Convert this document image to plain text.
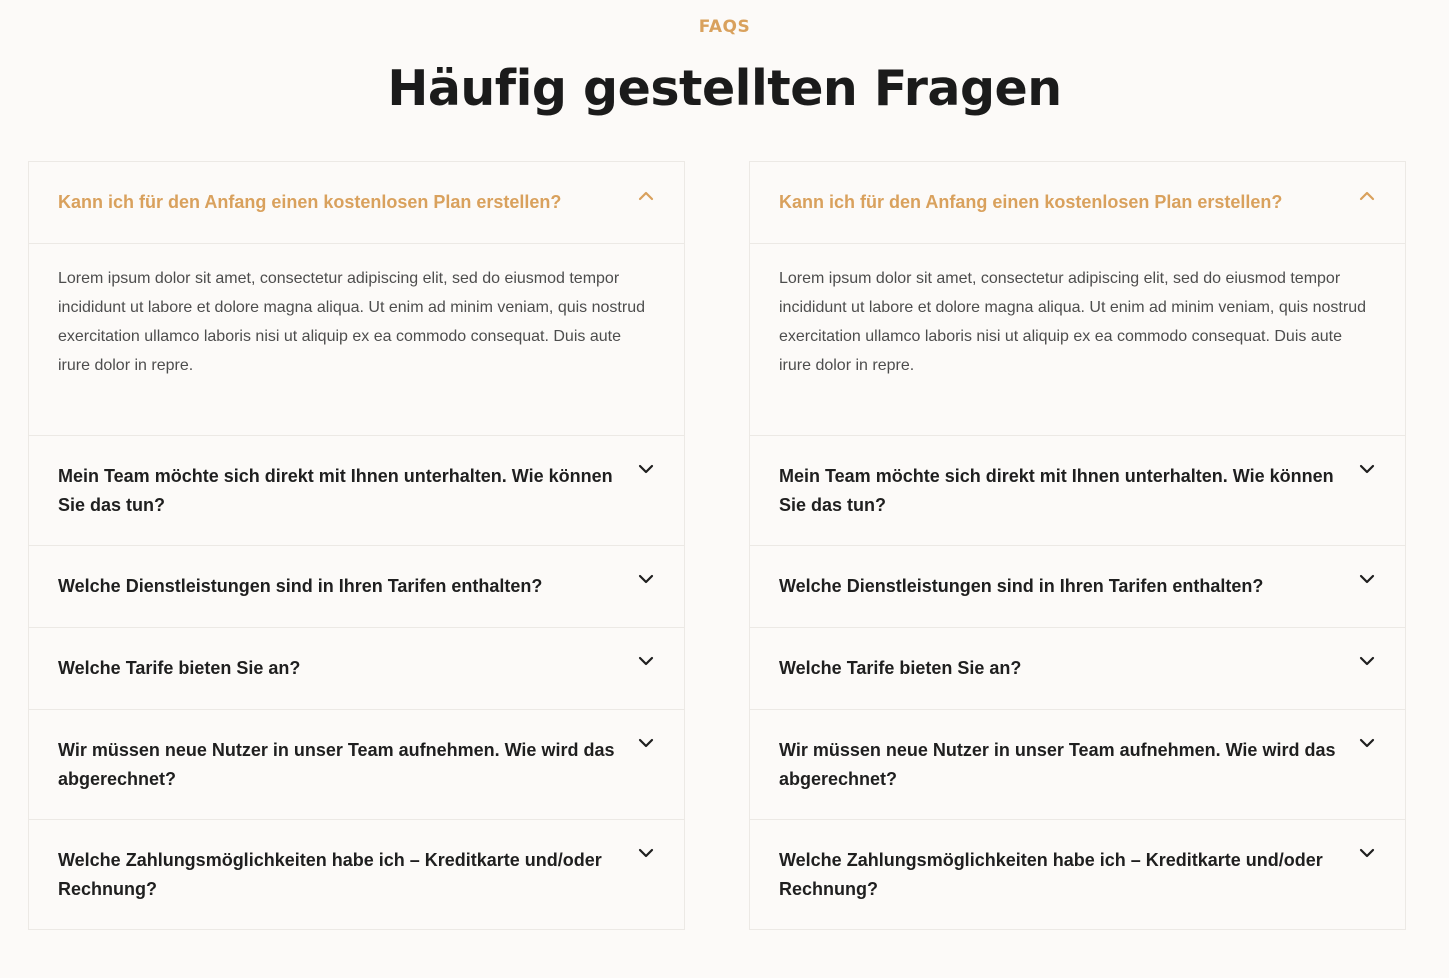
FAQS
Häufig gestellten Fragen
Kann ich für den Anfang einen kostenlosen Plan erstellen?
Lorem ipsum dolor sit amet, consectetur adipiscing elit, sed do eiusmod tempor incididunt ut labore et dolore magna aliqua. Ut enim ad minim veniam, quis nostrud exercitation ullamco laboris nisi ut aliquip ex ea commodo consequat. Duis aute irure dolor in repre.
Mein Team möchte sich direkt mit Ihnen unterhalten. Wie können Sie das tun?
Welche Dienstleistungen sind in Ihren Tarifen enthalten?
Welche Tarife bieten Sie an?
Wir müssen neue Nutzer in unser Team aufnehmen. Wie wird das abgerechnet?
Welche Zahlungsmöglichkeiten habe ich – Kreditkarte und/oder Rechnung?
Kann ich für den Anfang einen kostenlosen Plan erstellen?
Lorem ipsum dolor sit amet, consectetur adipiscing elit, sed do eiusmod tempor incididunt ut labore et dolore magna aliqua. Ut enim ad minim veniam, quis nostrud exercitation ullamco laboris nisi ut aliquip ex ea commodo consequat. Duis aute irure dolor in repre.
Mein Team möchte sich direkt mit Ihnen unterhalten. Wie können Sie das tun?
Welche Dienstleistungen sind in Ihren Tarifen enthalten?
Welche Tarife bieten Sie an?
Wir müssen neue Nutzer in unser Team aufnehmen. Wie wird das abgerechnet?
Welche Zahlungsmöglichkeiten habe ich – Kreditkarte und/oder Rechnung?
